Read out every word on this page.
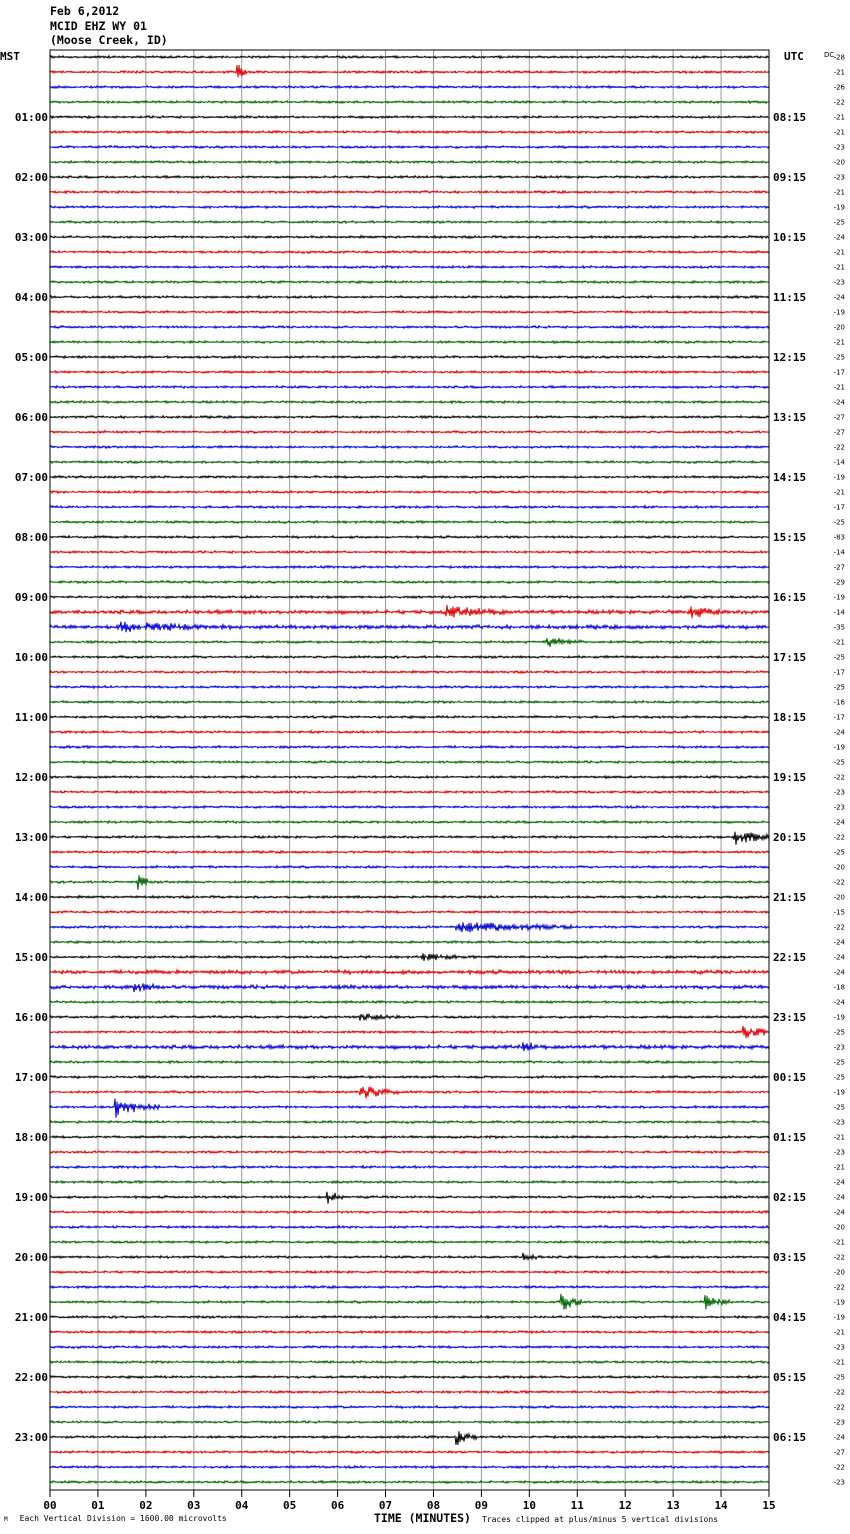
Feb 6,2012
MCID EHZ WY 01
(Moose Creek, ID)
MST	UTC	DC
00	01	02	03	04	05	06	07	08	09	10	11	12	13	14	15
-28
-21
-26
-22
-21
-21
-23
-20
-23
-21
-19
-25
-24
-21
-21
-23
-24
-19
-20
-21
-25
-17
-21
-24
-27
-27
-22
-14
-19
-21
-17
-25
-83
-14
-27
-29
-19
-14
-35
-21
-25
-17
-25
-16
-17
-24
-19
-25
-22
-23
-23
-24
-22
-25
-20
-22
-20
-15
-22
-24
-24
-24
-18
-24
-19
-25
-23
-25
-25
-19
-25
-23
-21
-23
-21
-24
-24
-24
-20
-21
-22
-20
-22
-19
-19
-21
-23
-21
-25
-22
-22
-23
-24
-27
-22
-23
01:00	08:15
02:00	09:15
03:00	10:15
04:00	11:15
05:00	12:15
06:00	13:15
07:00	14:15
08:00	15:15
09:00	16:15
10:00	17:15
11:00	18:15
12:00	19:15
13:00	20:15
14:00	21:15
15:00	22:15
16:00	23:15
17:00	00:15
18:00	01:15
19:00	02:15
20:00	03:15
21:00	04:15
22:00	05:15
23:00	06:15
M Each Vertical Division = 1600.00 microvolts	TIME (MINUTES) Traces clipped at plus/minus 5 vertical divisions
